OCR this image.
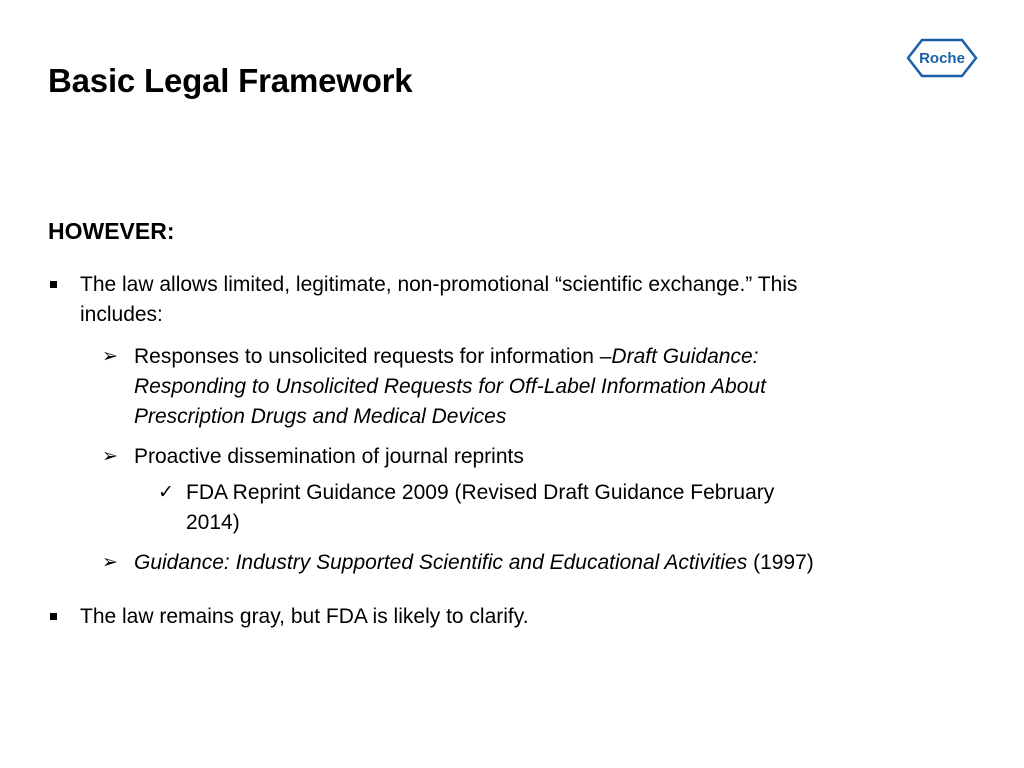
Basic Legal Framework
Roche
HOWEVER:
The law allows limited, legitimate, non-promotional “scientific exchange.” This
includes:
➢ Responses to unsolicited requests for information –Draft Guidance:
Responding to Unsolicited Requests for Off-Label Information About
Prescription Drugs and Medical Devices
➢ Proactive dissemination of journal reprints
✓ FDA Reprint Guidance 2009 (Revised Draft Guidance February
2014)
➢ Guidance: Industry Supported Scientific and Educational Activities (1997)
The law remains gray, but FDA is likely to clarify.
